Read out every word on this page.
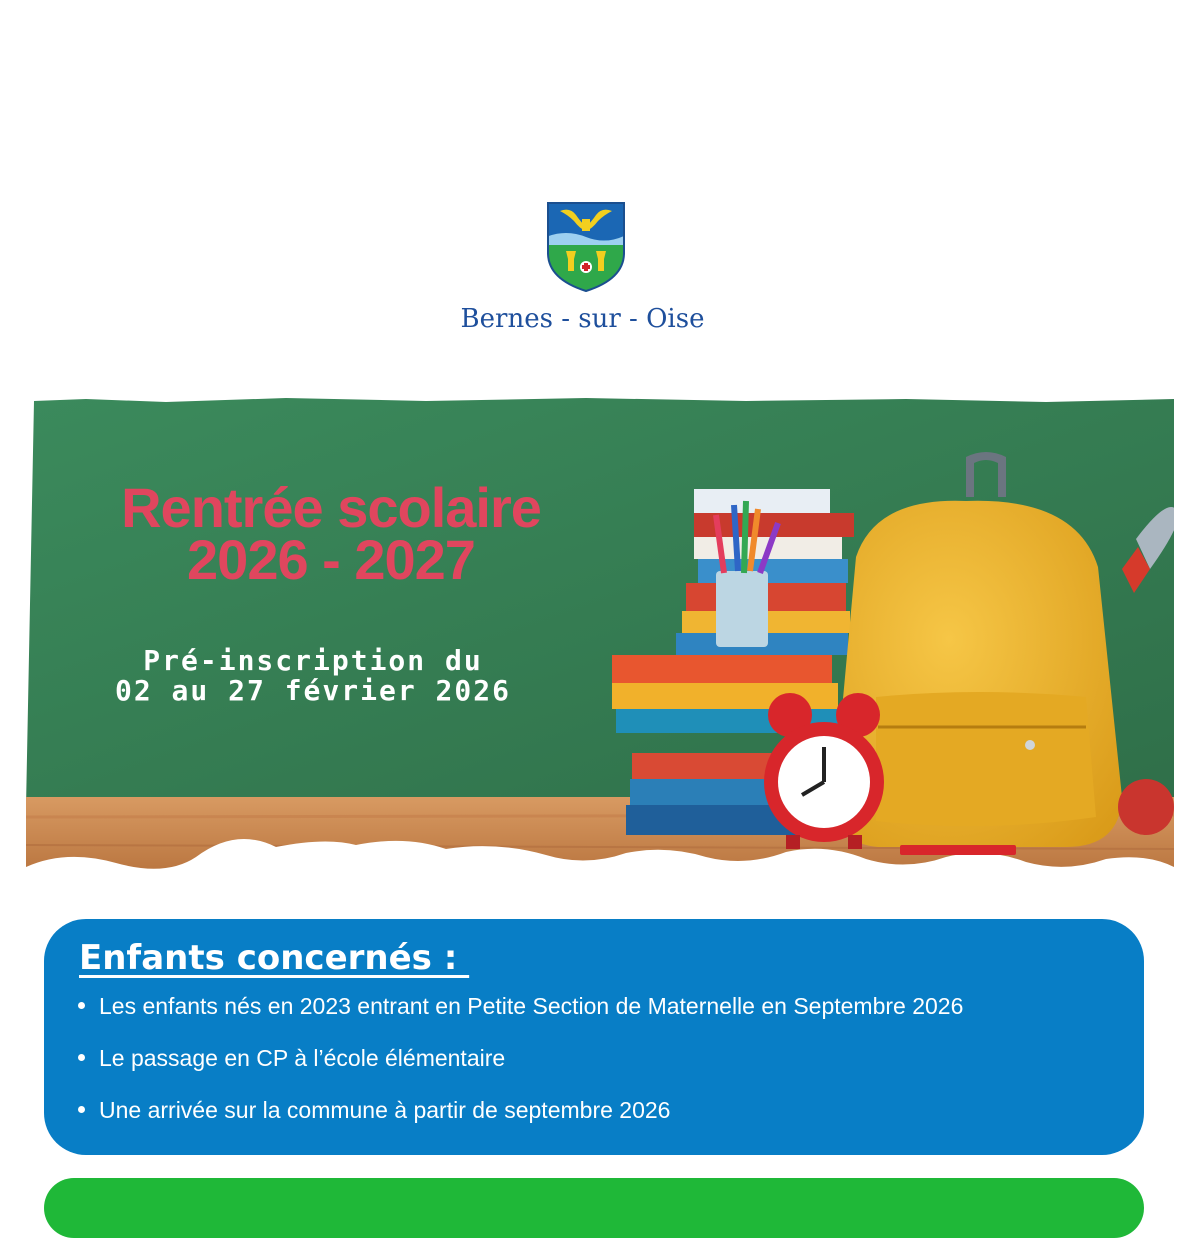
Bernes - sur - Oise
Rentrée scolaire
2026 - 2027
Pré-inscription du
02 au 27 février 2026
Enfants concernés :
Les enfants nés en 2023 entrant en Petite Section de Maternelle en Septembre 2026
Le passage en CP à l’école élémentaire
Une arrivée sur la commune à partir de septembre 2026
